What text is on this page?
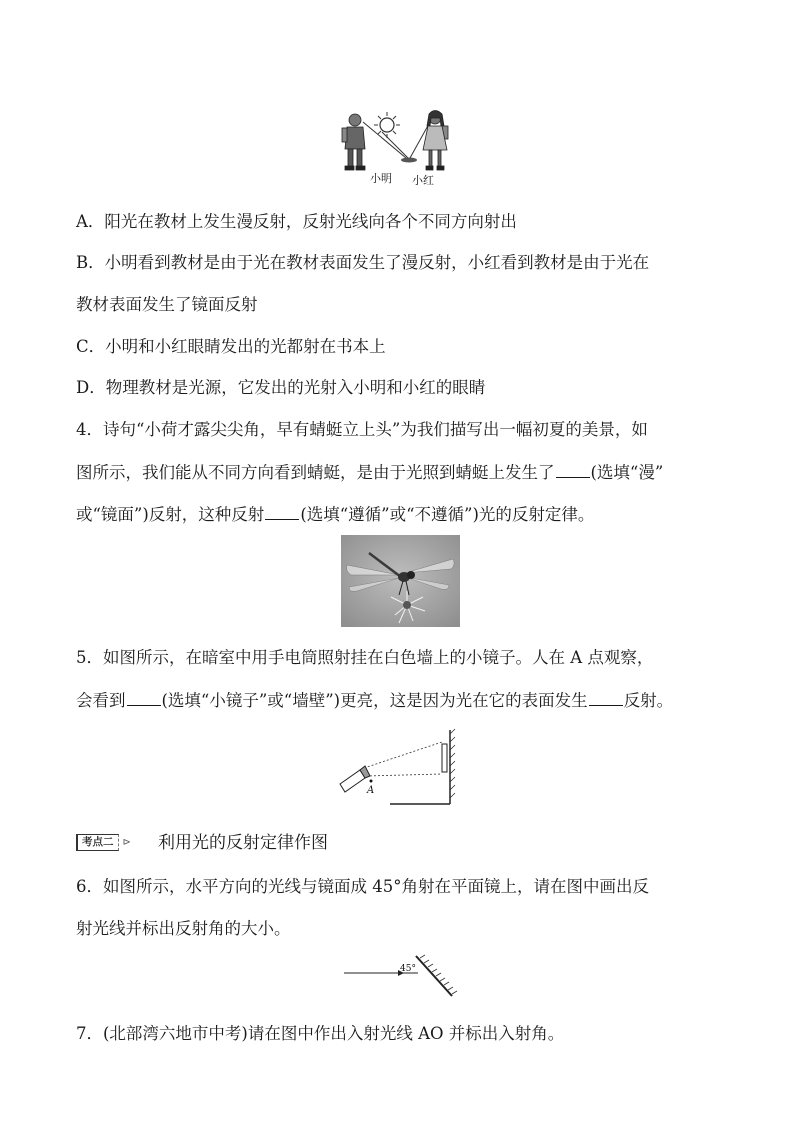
小明 小红
A．阳光在教材上发生漫反射，反射光线向各个不同方向射出
B．小明看到教材是由于光在教材表面发生了漫反射，小红看到教材是由于光在
教材表面发生了镜面反射
C．小明和小红眼睛发出的光都射在书本上
D．物理教材是光源，它发出的光射入小明和小红的眼睛
4．诗句“小荷才露尖尖角，早有蜻蜓立上头”为我们描写出一幅初夏的美景，如
图所示，我们能从不同方向看到蜻蜓，是由于光照到蜻蜓上发生了 (选填“漫”
或“镜面”)反射，这种反射 (选填“遵循”或“不遵循”)光的反射定律。
5．如图所示，在暗室中用手电筒照射挂在白色墙上的小镜子。人在 A 点观察，
会看到 (选填“小镜子”或“墙壁”)更亮，这是因为光在它的表面发生 反射。
A
考点二 ⊳ 利用光的反射定律作图
6．如图所示，水平方向的光线与镜面成 45°角射在平面镜上，请在图中画出反
射光线并标出反射角的大小。
45°
7．(北部湾六地市中考)请在图中作出入射光线 AO 并标出入射角。
